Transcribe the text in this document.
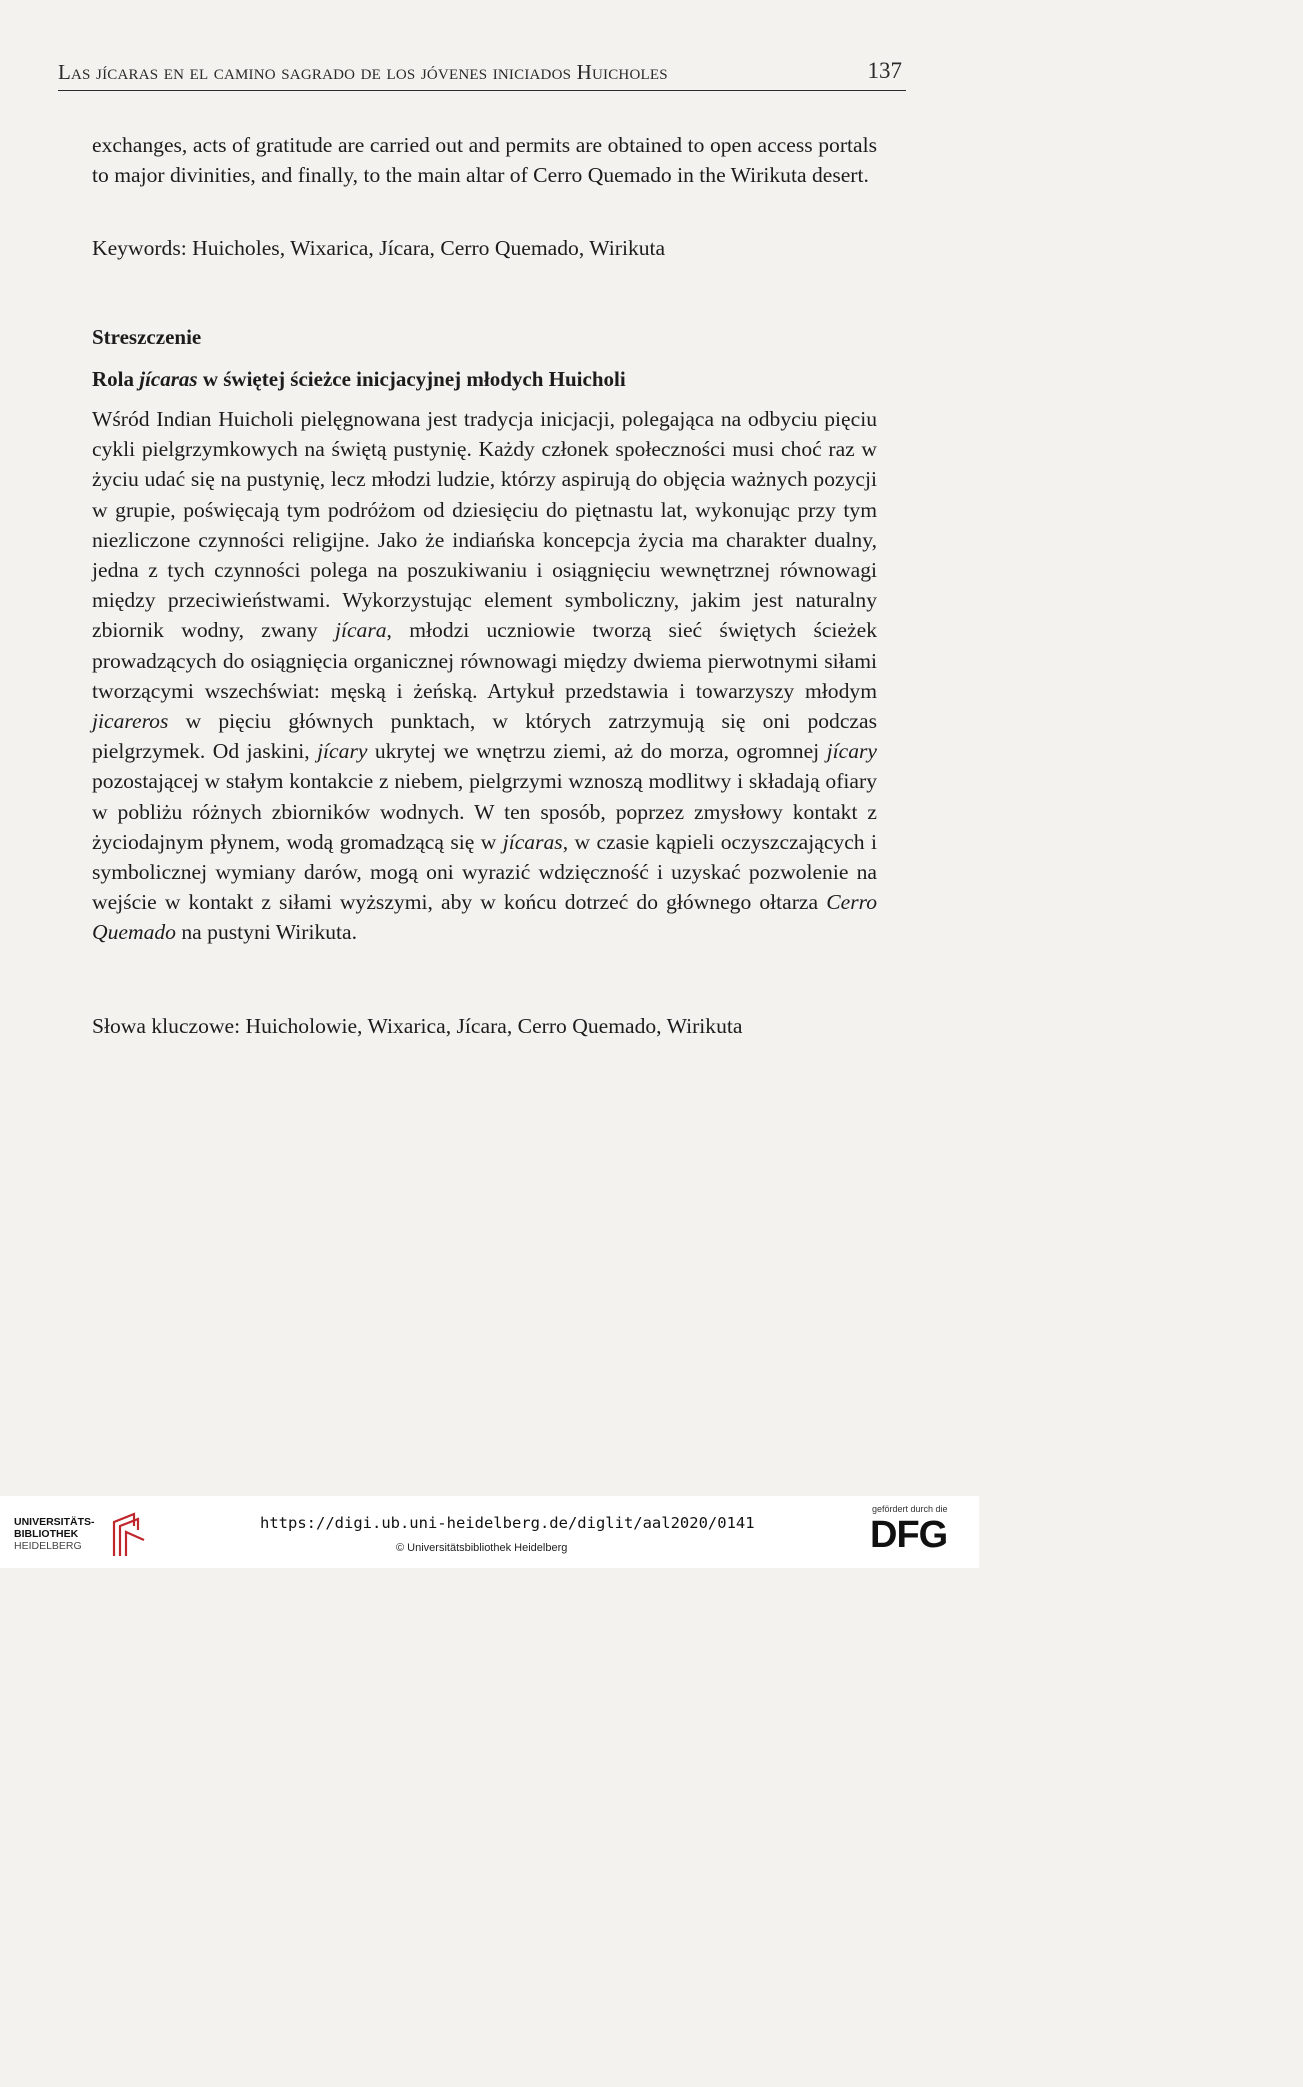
Las jícaras en el camino sagrado de los jóvenes iniciados Huicholes	137

exchanges, acts of gratitude are carried out and permits are obtained to open access portals to major divinities, and finally, to the main altar of Cerro Quemado in the Wirikuta desert.

Keywords: Huicholes, Wixarica, Jícara, Cerro Quemado, Wirikuta

Streszczenie
Rola jícaras w świętej ścieżce inicjacyjnej młodych Huicholi

Wśród Indian Huicholi pielęgnowana jest tradycja inicjacji, polegająca na odbyciu pięciu cykli pielgrzymkowych na świętą pustynię. Każdy członek społeczności musi choć raz w życiu udać się na pustynię, lecz młodzi ludzie, którzy aspirują do objęcia ważnych pozycji w grupie, poświęcają tym podróżom od dziesięciu do piętnastu lat, wykonując przy tym niezliczone czynności religijne. Jako że indiańska koncepcja życia ma charakter dualny, jedna z tych czynności polega na poszukiwaniu i osiągnięciu wewnętrznej równowagi między przeciwieństwami. Wykorzystując element symboliczny, jakim jest naturalny zbiornik wodny, zwany jícara, młodzi uczniowie tworzą sieć świętych ścieżek prowadzących do osiągnięcia organicznej równowagi między dwiema pierwotnymi siłami tworzącymi wszechświat: męską i żeńską. Artykuł przedstawia i towarzyszy młodym jicareros w pięciu głównych punktach, w których zatrzymują się oni podczas pielgrzymek. Od jaskini, jícary ukrytej we wnętrzu ziemi, aż do morza, ogromnej jícary pozostającej w stałym kontakcie z niebem, pielgrzymi wznoszą modlitwy i składają ofiary w pobliżu różnych zbiorników wodnych. W ten sposób, poprzez zmysłowy kontakt z życiodajnym płynem, wodą gromadzącą się w jícaras, w czasie kąpieli oczyszczających i symbolicznej wymiany darów, mogą oni wyrazić wdzięczność i uzyskać pozwolenie na wejście w kontakt z siłami wyższymi, aby w końcu dotrzeć do głównego ołtarza Cerro Quemado na pustyni Wirikuta.

Słowa kluczowe: Huicholowie, Wixarica, Jícara, Cerro Quemado, Wirikuta

UNIVERSITÄTS-
BIBLIOTHEK
HEIDELBERG
https://digi.ub.uni-heidelberg.de/diglit/aal2020/0141
© Universitätsbibliothek Heidelberg
gefördert durch die
DFG
